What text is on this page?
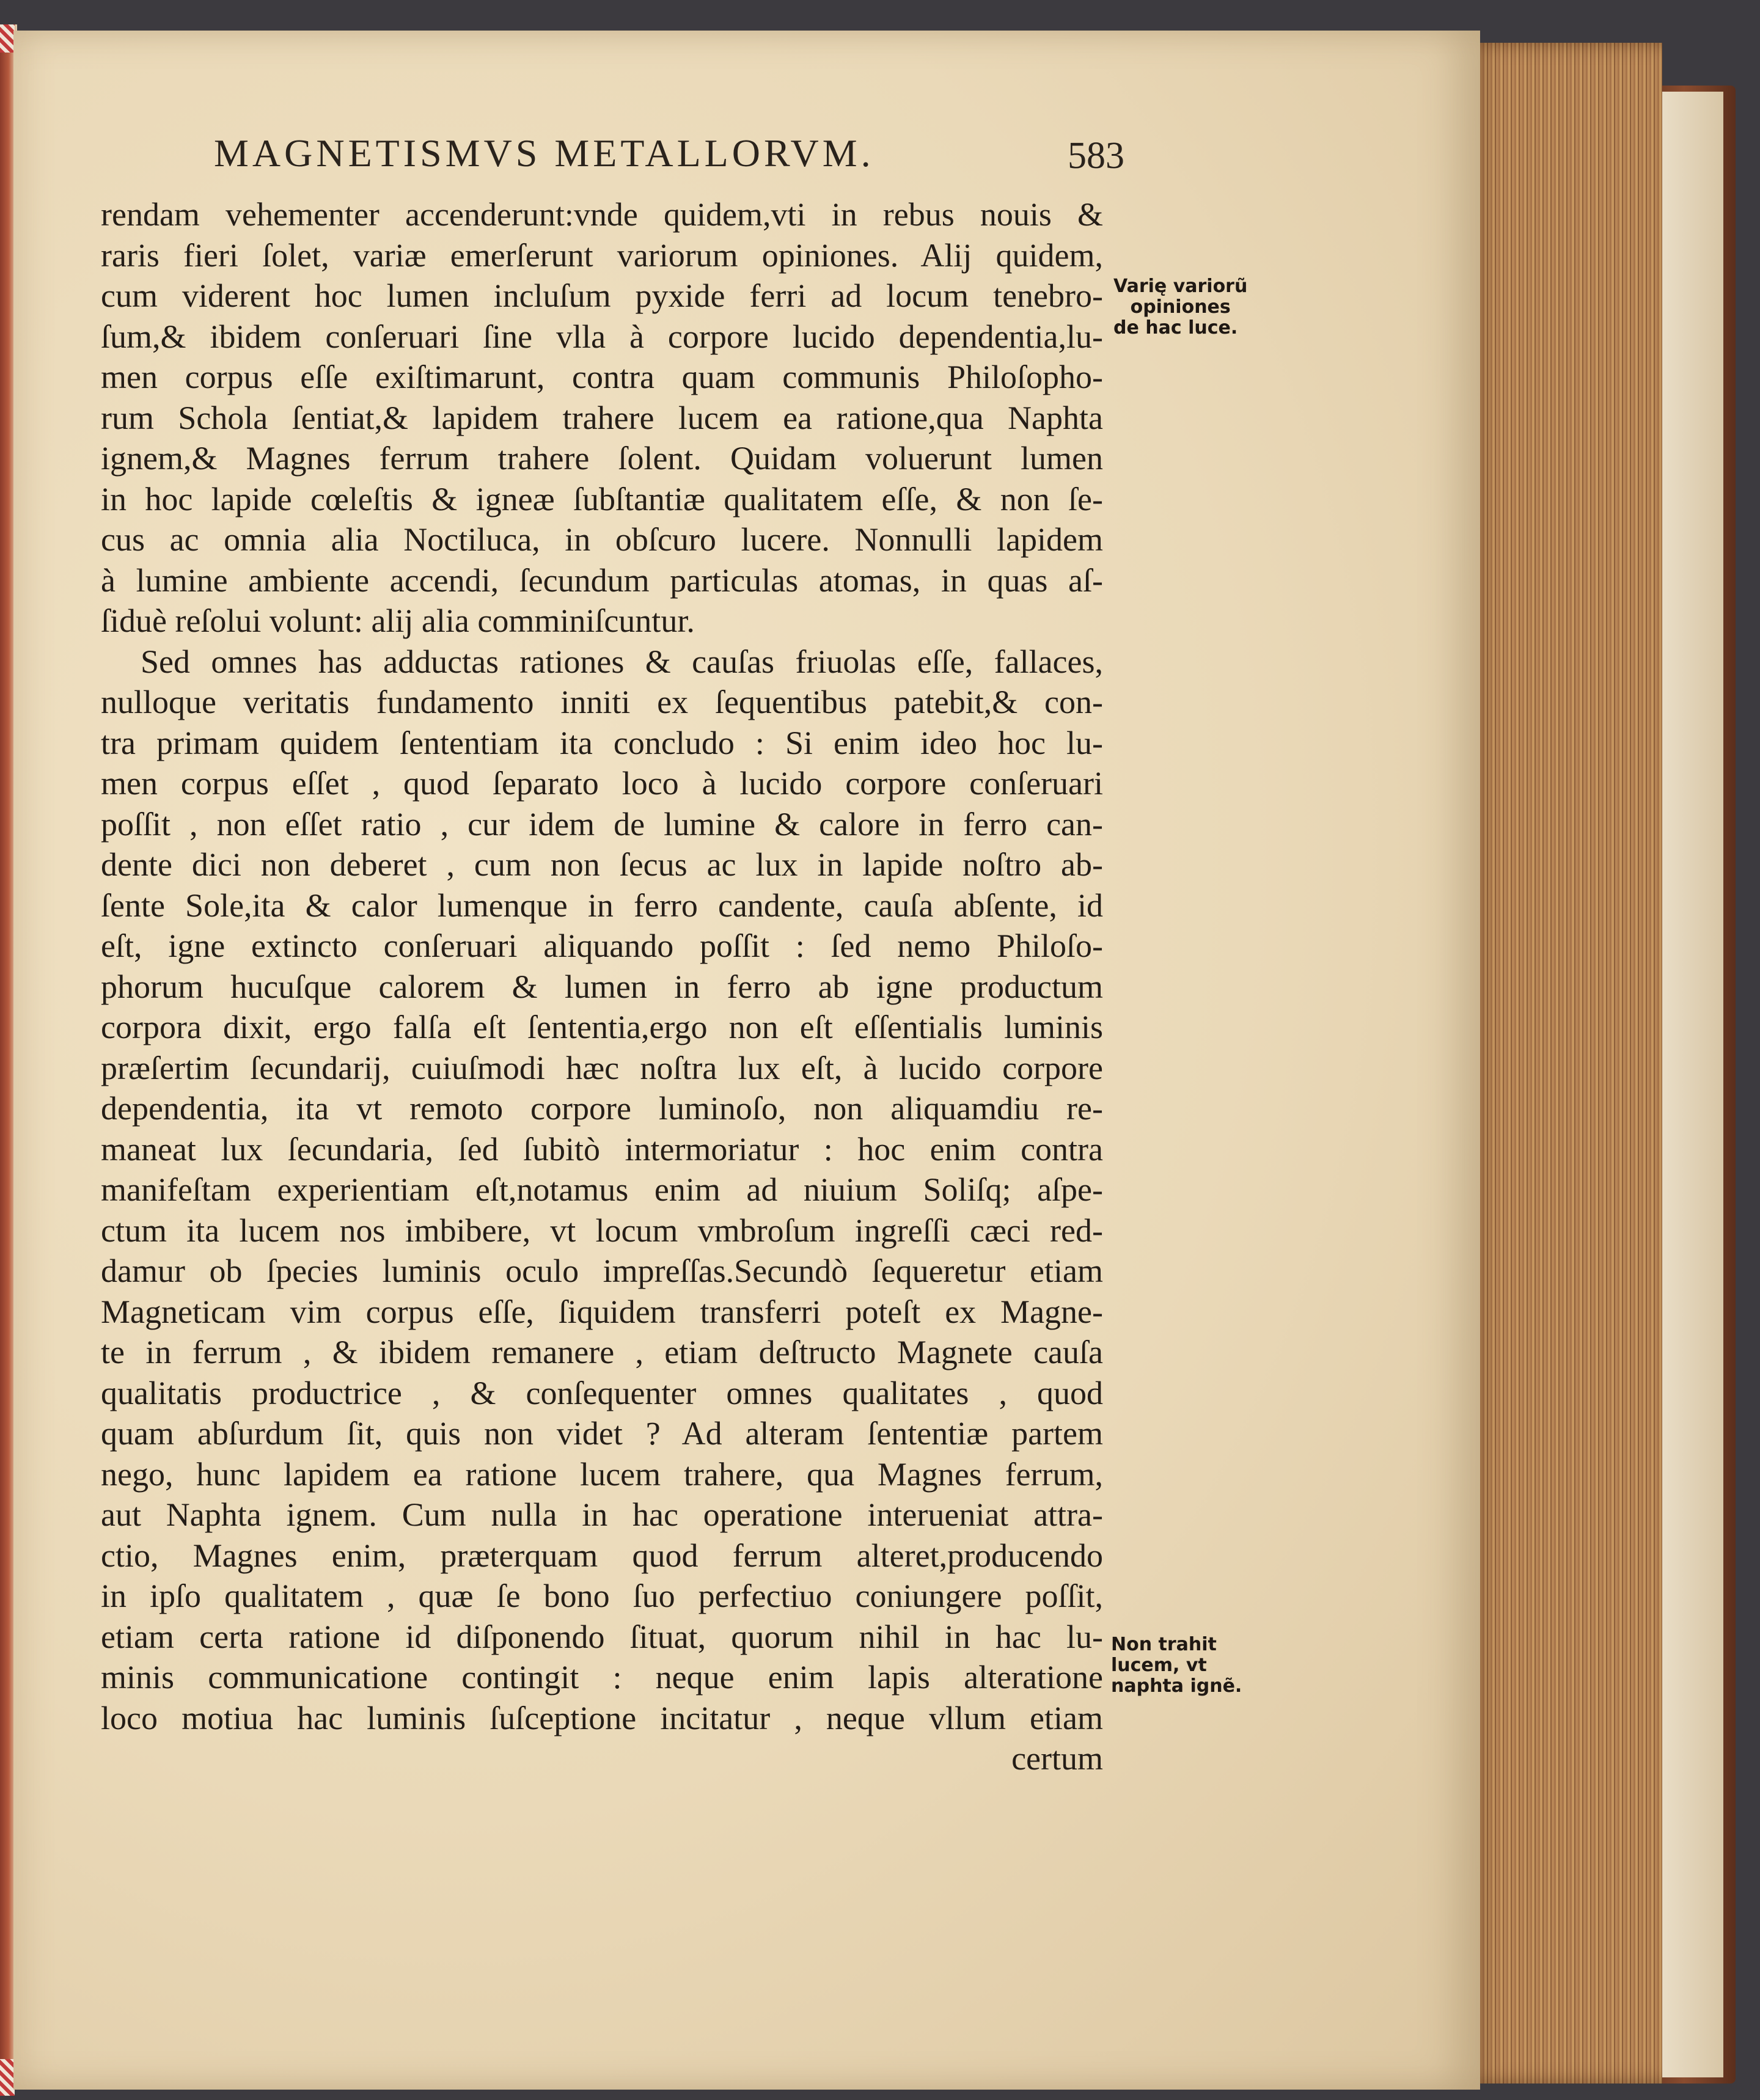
MAGNETISMVS METALLORVM.	583
rendam vehementer accenderunt:vnde quidem,vti in rebus nouis &
raris fieri ſolet, variæ emerſerunt variorum opiniones. Alij quidem,
cum viderent hoc lumen incluſum pyxide ferri ad locum tenebro-
ſum,& ibidem conſeruari ſine vlla à corpore lucido dependentia,lu-
men corpus eſſe exiſtimarunt, contra quam communis Philoſopho-
rum Schola ſentiat,& lapidem trahere lucem ea ratione,qua Naphta
ignem,& Magnes ferrum trahere ſolent. Quidam voluerunt lumen
in hoc lapide cœleſtis & igneæ ſubſtantiæ qualitatem eſſe, & non ſe-
cus ac omnia alia Noctiluca, in obſcuro lucere. Nonnulli lapidem
à lumine ambiente accendi, ſecundum particulas atomas, in quas aſ-
ſiduè reſolui volunt: alij alia comminiſcuntur.
Sed omnes has adductas rationes & cauſas friuolas eſſe, fallaces,
nulloque veritatis fundamento inniti ex ſequentibus patebit,& con-
tra primam quidem ſententiam ita concludo : Si enim ideo hoc lu-
men corpus eſſet , quod ſeparato loco à lucido corpore conſeruari
poſſit , non eſſet ratio , cur idem de lumine & calore in ferro can-
dente dici non deberet , cum non ſecus ac lux in lapide noſtro ab-
ſente Sole,ita & calor lumenque in ferro candente, cauſa abſente, id
eſt, igne extincto conſeruari aliquando poſſit : ſed nemo Philoſo-
phorum hucuſque calorem & lumen in ferro ab igne productum
corpora dixit, ergo falſa eſt ſententia,ergo non eſt eſſentialis luminis
præſertim ſecundarij, cuiuſmodi hæc noſtra lux eſt, à lucido corpore
dependentia, ita vt remoto corpore luminoſo, non aliquamdiu re-
maneat lux ſecundaria, ſed ſubitò intermoriatur : hoc enim contra
manifeſtam experientiam eſt,notamus enim ad niuium Soliſq; aſpe-
ctum ita lucem nos imbibere, vt locum vmbroſum ingreſſi cæci red-
damur ob ſpecies luminis oculo impreſſas.Secundò ſequeretur etiam
Magneticam vim corpus eſſe, ſiquidem transferri poteſt ex Magne-
te in ferrum , & ibidem remanere , etiam deſtructo Magnete cauſa
qualitatis productrice , & conſequenter omnes qualitates , quod
quam abſurdum ſit, quis non videt ? Ad alteram ſententiæ partem
nego, hunc lapidem ea ratione lucem trahere, qua Magnes ferrum,
aut Naphta ignem. Cum nulla in hac operatione interueniat attra-
ctio, Magnes enim, præterquam quod ferrum alteret,producendo
in ipſo qualitatem , quæ ſe bono ſuo perfectiuo coniungere poſſit,
etiam certa ratione id diſponendo ſituat, quorum nihil in hac lu-
minis communicatione contingit : neque enim lapis alteratione
loco motiua hac luminis ſuſceptione incitatur , neque vllum etiam
certum
Varię variorũ
opiniones
de hac luce.
Non trahit
lucem, vt
naphta ignẽ.
